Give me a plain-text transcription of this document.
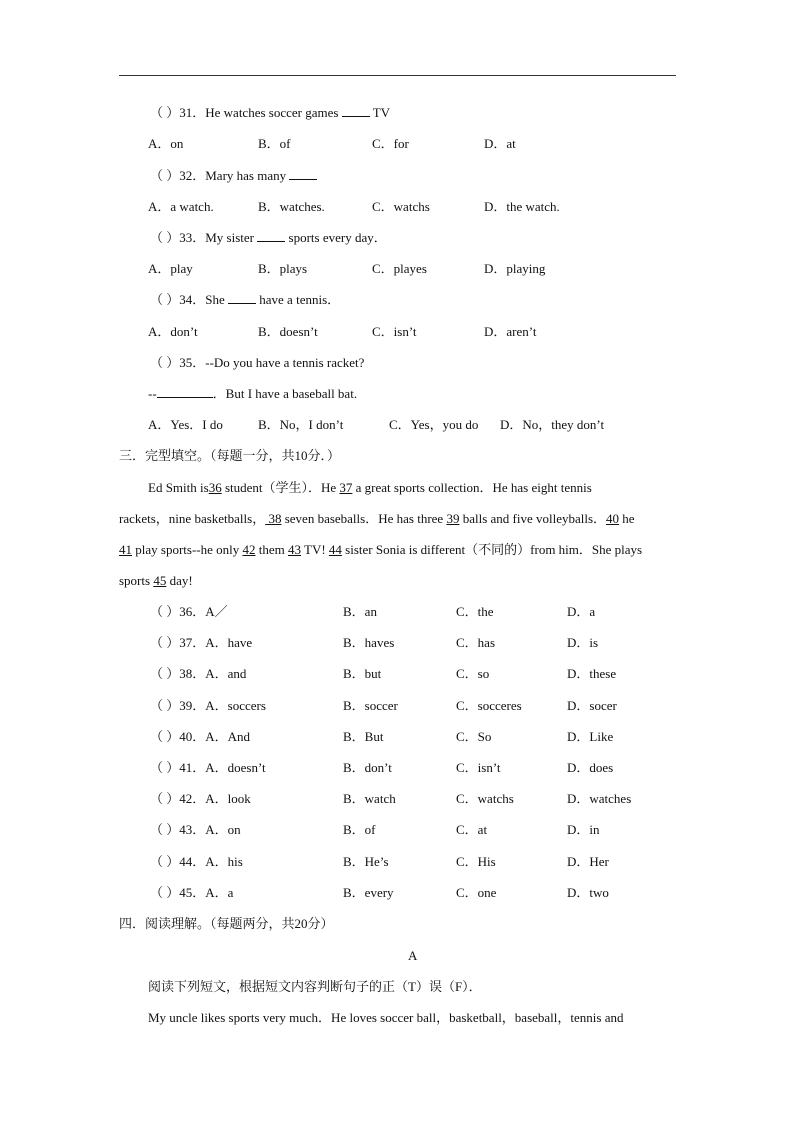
（ ）31．He watches soccer games	TV
A．on	B．of	C．for	D．at
（ ）32．Mary has many
A．a watch.	B．watches.	C．watchs	D．the watch.
（ ）33．My sister	sports every day．
A．play	B．plays	C．playes	D．playing
（ ）34．She	have a tennis．
A．don’t	B．doesn’t	C．isn’t	D．aren’t
（ ）35．--Do you have a tennis racket?
--	．But I have a baseball bat.
A．Yes．I do	B．No，I don’t	C．Yes，you do D．No，they don’t
三．完型填空。（每题一分，共10分．）
Ed Smith is36 student（学生）．He 37 a great sports collection．He has eight tennis
rackets，nine basketballs， 38 seven baseballs．He has three 39 balls and five volleyballs．40 he
41 play sports--he only 42 them 43 TV! 44 sister Sonia is different（不同的）from him．She plays
sports 45 day!
（ ）36．A／	B．an	C．the	D．a
（ ）37．A．have	B．haves	C．has	D．is
（ ）38．A．and	B．but	C．so	D．these
（ ）39．A．soccers	B．soccer	C．socceres	D．socer
（ ）40．A．And	B．But	C．So	D．Like
（ ）41．A．doesn’t	B．don’t	C．isn’t	D．does
（ ）42．A．look	B．watch	C．watchs	D．watches
（ ）43．A．on	B．of	C．at	D．in
（ ）44．A．his	B．He’s	C．His	D．Her
（ ）45．A．a	B．every	C．one	D．two
四．阅读理解。（每题两分，共20分）
A
阅读下列短文，根据短文内容判断句子的正（T）误（F）．
My uncle likes sports very much．He loves soccer ball，basketball，baseball，tennis and
